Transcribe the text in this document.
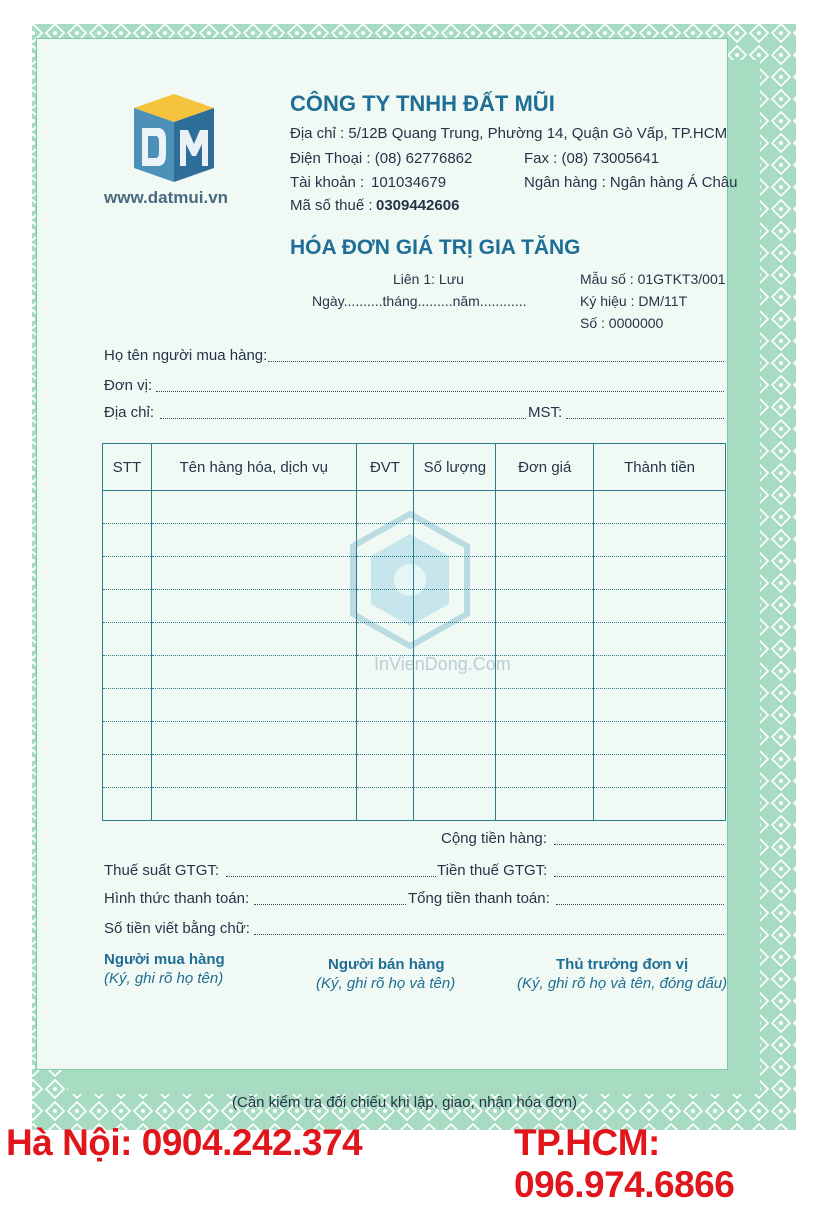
www.datmui.vn
CÔNG TY TNHH ĐẤT MŨI
Địa chỉ : 5/12B Quang Trung, Phường 14, Quận Gò Vấp, TP.HCM
Điện Thoại : (08) 62776862	Fax : (08) 73005641
Tài khoản : 101034679	Ngân hàng : Ngân hàng Á Châu
Mã số thuế : 0309442606
HÓA ĐƠN GIÁ TRỊ GIA TĂNG
Liên 1: Lưu
Ngày..........tháng.........năm............
Mẫu số : 01GTKT3/001
Ký hiệu : DM/11T
Số : 0000000
Họ tên người mua hàng:
Đơn vị:
Địa chỉ:	MST:
InVienDong.Com
STT	Tên hàng hóa, dịch vụ	ĐVT	Số lượng	Đơn giá	Thành tiền

Cộng tiền hàng:
Thuế suất GTGT:	Tiền thuế GTGT:
Hình thức thanh toán:	Tổng tiền thanh toán:
Số tiền viết bằng chữ:
Người mua hàng
(Ký, ghi rõ họ tên)
Người bán hàng
(Ký, ghi rõ họ và tên)
Thủ trưởng đơn vị
(Ký, ghi rõ họ và tên, đóng dấu)
(Cần kiểm tra đối chiếu khi lập, giao, nhận hóa đơn)
Hà Nội: 0904.242.374	TP.HCM: 096.974.6866
